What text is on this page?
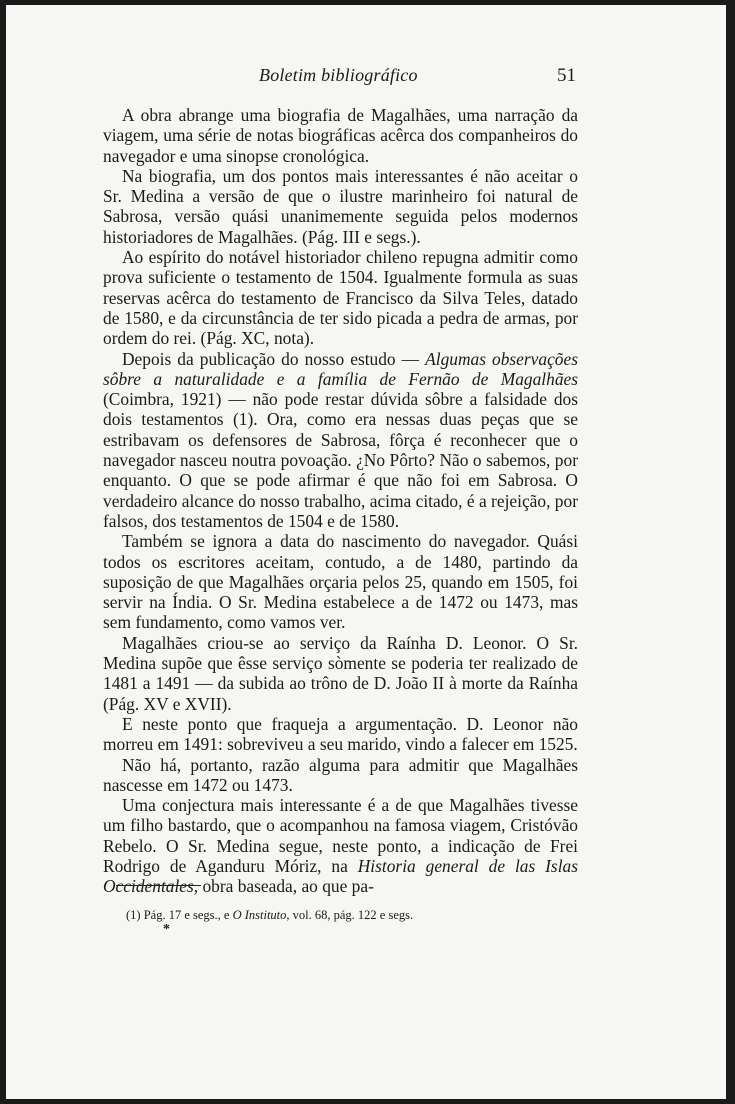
Boletim bibliográfico	51

A obra abrange uma biografia de Magalhães, uma narração da viagem, uma série de notas biográficas acêrca dos companheiros do navegador e uma sinopse cronológica.

Na biografia, um dos pontos mais interessantes é não aceitar o Sr. Medina a versão de que o ilustre marinheiro foi natural de Sabrosa, versão quási unanimemente seguida pelos modernos historiadores de Magalhães. (Pág. III e segs.).

Ao espírito do notável historiador chileno repugna admitir como prova suficiente o testamento de 1504. Igualmente formula as suas reservas acêrca do testamento de Francisco da Silva Teles, datado de 1580, e da circunstância de ter sido picada a pedra de armas, por ordem do rei. (Pág. XC, nota).

Depois da publicação do nosso estudo — Algumas observações sôbre a naturalidade e a família de Fernão de Magalhães (Coimbra, 1921) — não pode restar dúvida sôbre a falsidade dos dois testamentos (1). Ora, como era nessas duas peças que se estribavam os defensores de Sabrosa, fôrça é reconhecer que o navegador nasceu noutra povoação. ¿No Pôrto? Não o sabemos, por enquanto. O que se pode afirmar é que não foi em Sabrosa. O verdadeiro alcance do nosso trabalho, acima citado, é a rejeição, por falsos, dos testamentos de 1504 e de 1580.

Também se ignora a data do nascimento do navegador. Quási todos os escritores aceitam, contudo, a de 1480, partindo da suposição de que Magalhães orçaria pelos 25, quando em 1505, foi servir na Índia. O Sr. Medina estabelece a de 1472 ou 1473, mas sem fundamento, como vamos ver.

Magalhães criou-se ao serviço da Raínha D. Leonor. O Sr. Medina supõe que êsse serviço sòmente se poderia ter realizado de 1481 a 1491 — da subida ao trôno de D. João II à morte da Raínha (Pág. XV e XVII).

E neste ponto que fraqueja a argumentação. D. Leonor não morreu em 1491: sobreviveu a seu marido, vindo a falecer em 1525.

Não há, portanto, razão alguma para admitir que Magalhães nascesse em 1472 ou 1473.

Uma conjectura mais interessante é a de que Magalhães tivesse um filho bastardo, que o acompanhou na famosa viagem, Cristóvão Rebelo. O Sr. Medina segue, neste ponto, a indicação de Frei Rodrigo de Aganduru Móriz, na Historia general de las Islas Occidentales, obra baseada, ao que pa-

(1) Pág. 17 e segs., e O Instituto, vol. 68, pág. 122 e segs.
*
